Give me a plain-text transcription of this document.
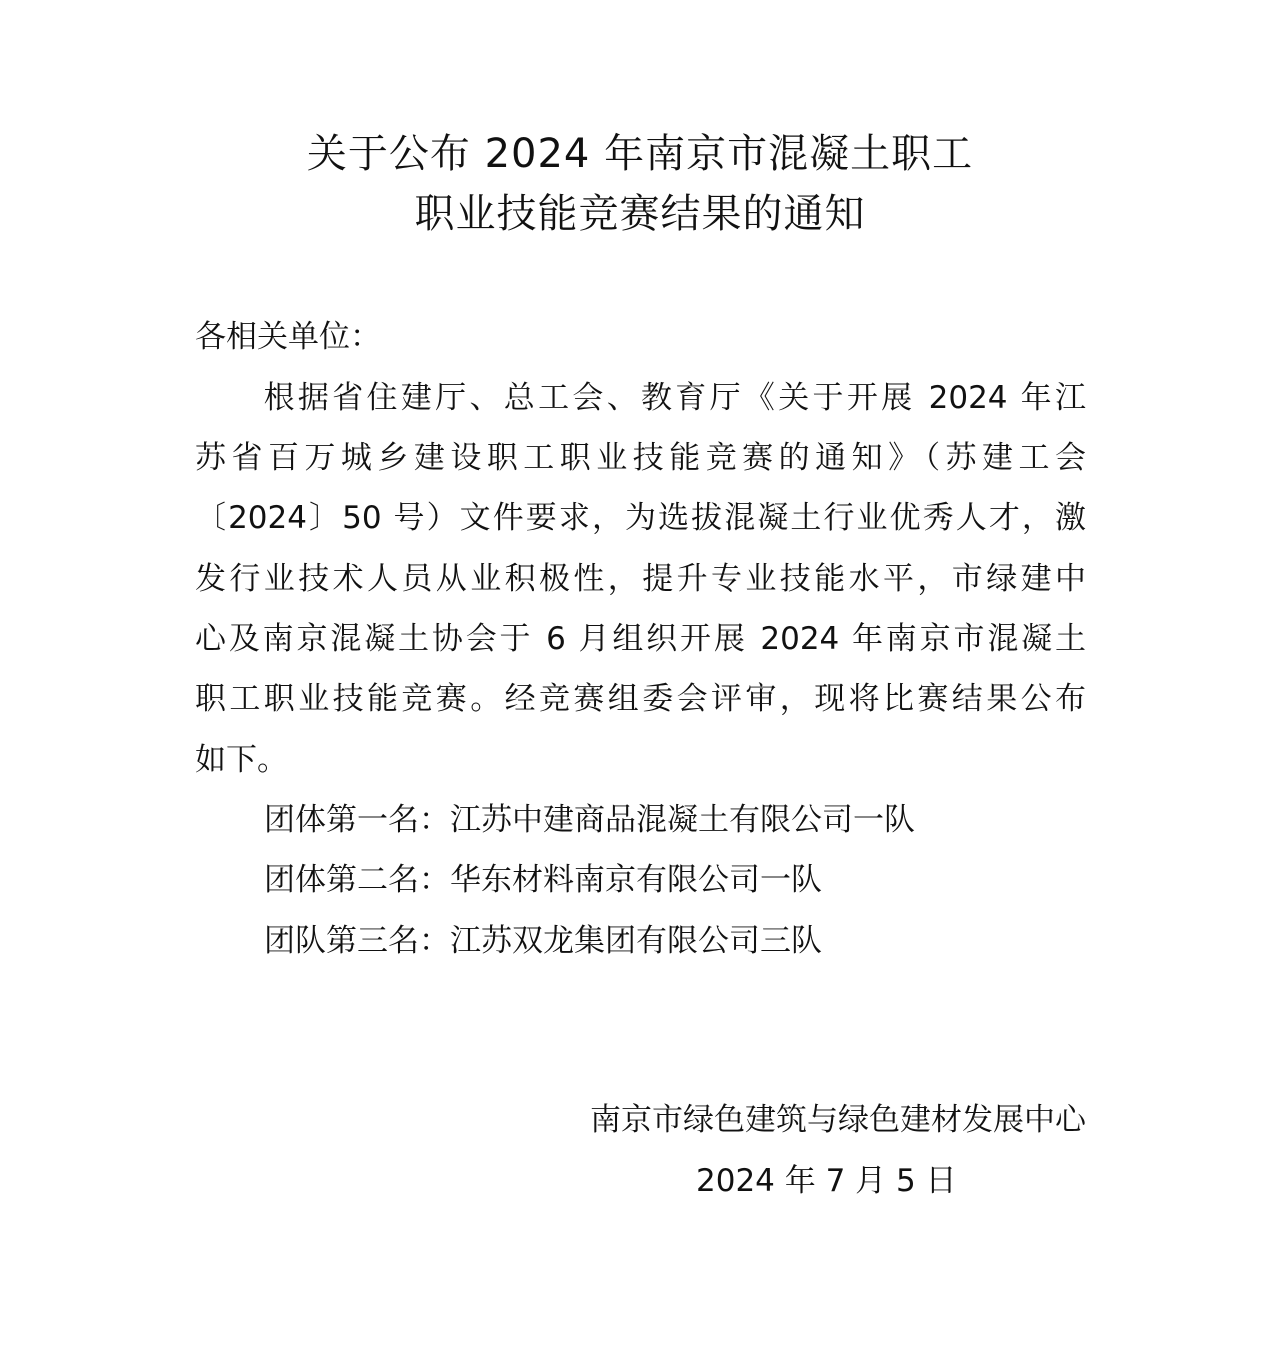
关于公布 2024 年南京市混凝土职工
职业技能竞赛结果的通知
各相关单位：
　　根据省住建厅、总工会、教育厅《关于开展 2024 年江
苏省百万城乡建设职工职业技能竞赛的通知》（苏建工会
〔2024〕50 号）文件要求，为选拔混凝土行业优秀人才，激
发行业技术人员从业积极性，提升专业技能水平，市绿建中
心及南京混凝土协会于 6 月组织开展 2024 年南京市混凝土
职工职业技能竞赛。经竞赛组委会评审，现将比赛结果公布
如下。
团体第一名：江苏中建商品混凝土有限公司一队
团体第二名：华东材料南京有限公司一队
团队第三名：江苏双龙集团有限公司三队
南京市绿色建筑与绿色建材发展中心
2024 年 7 月 5 日
